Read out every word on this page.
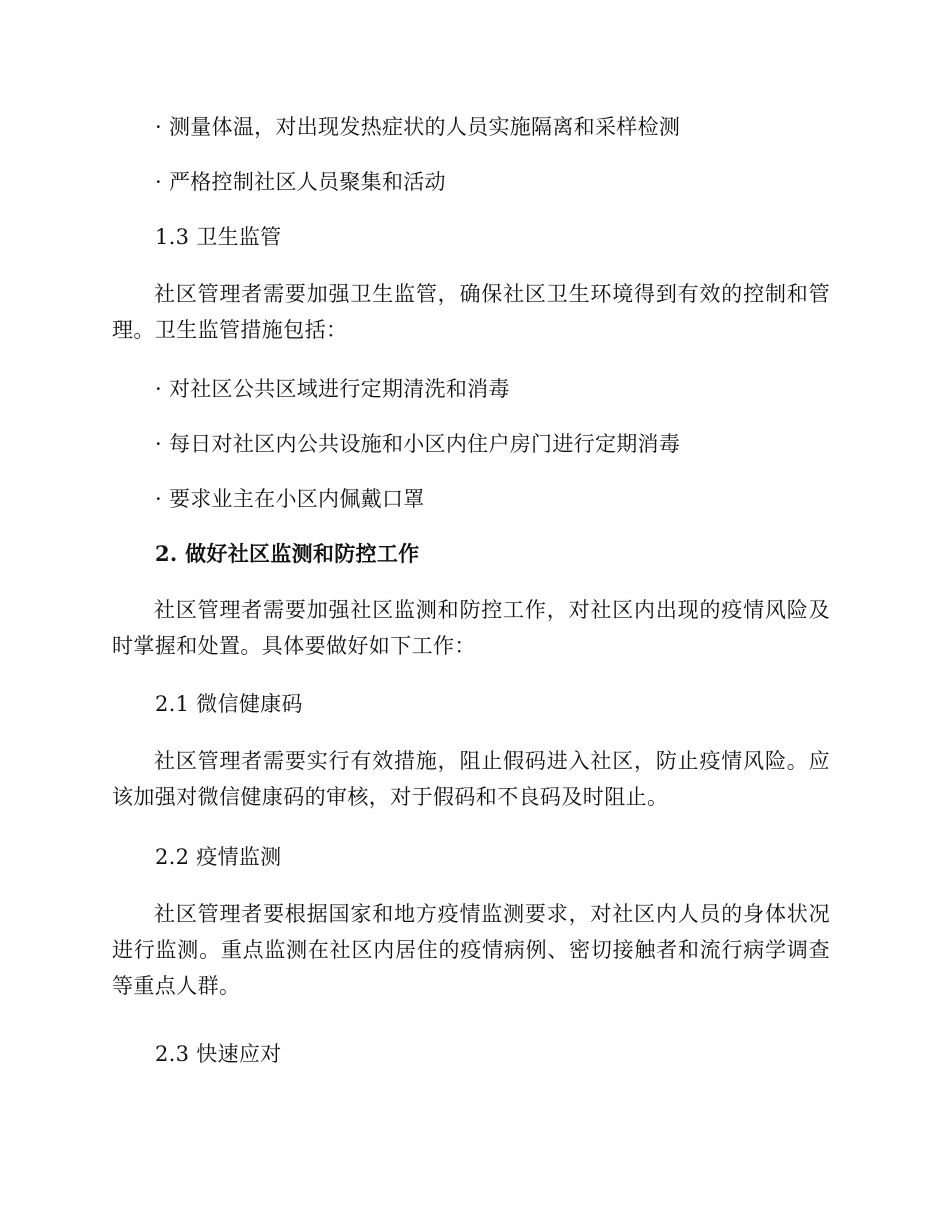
· 测量体温，对出现发热症状的人员实施隔离和采样检测
· 严格控制社区人员聚集和活动
1.3 卫生监管
社区管理者需要加强卫生监管，确保社区卫生环境得到有效的控制和管理。卫生监管措施包括：
· 对社区公共区域进行定期清洗和消毒
· 每日对社区内公共设施和小区内住户房门进行定期消毒
· 要求业主在小区内佩戴口罩
2. 做好社区监测和防控工作
社区管理者需要加强社区监测和防控工作，对社区内出现的疫情风险及时掌握和处置。具体要做好如下工作：
2.1 微信健康码
社区管理者需要实行有效措施，阻止假码进入社区，防止疫情风险。应该加强对微信健康码的审核，对于假码和不良码及时阻止。
2.2 疫情监测
社区管理者要根据国家和地方疫情监测要求，对社区内人员的身体状况进行监测。重点监测在社区内居住的疫情病例、密切接触者和流行病学调查等重点人群。
2.3 快速应对
